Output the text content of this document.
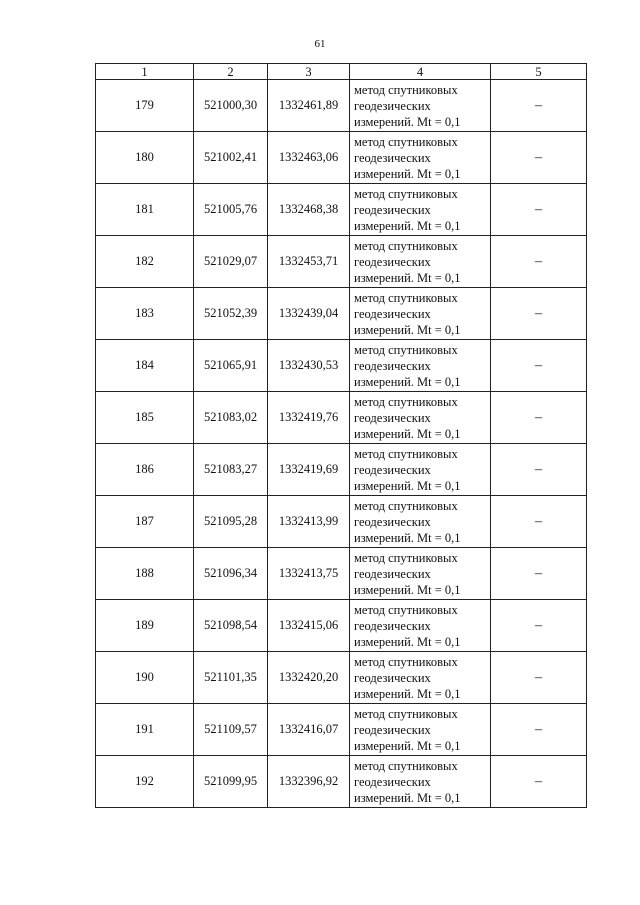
61
1	2	3	4	5
179	521000,30	1332461,89	метод спутниковых
геодезических
измерений. Mt = 0,1	–
180	521002,41	1332463,06	метод спутниковых
геодезических
измерений. Mt = 0,1	–
181	521005,76	1332468,38	метод спутниковых
геодезических
измерений. Mt = 0,1	–
182	521029,07	1332453,71	метод спутниковых
геодезических
измерений. Mt = 0,1	–
183	521052,39	1332439,04	метод спутниковых
геодезических
измерений. Mt = 0,1	–
184	521065,91	1332430,53	метод спутниковых
геодезических
измерений. Mt = 0,1	–
185	521083,02	1332419,76	метод спутниковых
геодезических
измерений. Mt = 0,1	–
186	521083,27	1332419,69	метод спутниковых
геодезических
измерений. Mt = 0,1	–
187	521095,28	1332413,99	метод спутниковых
геодезических
измерений. Mt = 0,1	–
188	521096,34	1332413,75	метод спутниковых
геодезических
измерений. Mt = 0,1	–
189	521098,54	1332415,06	метод спутниковых
геодезических
измерений. Mt = 0,1	–
190	521101,35	1332420,20	метод спутниковых
геодезических
измерений. Mt = 0,1	–
191	521109,57	1332416,07	метод спутниковых
геодезических
измерений. Mt = 0,1	–
192	521099,95	1332396,92	метод спутниковых
геодезических
измерений. Mt = 0,1	–
